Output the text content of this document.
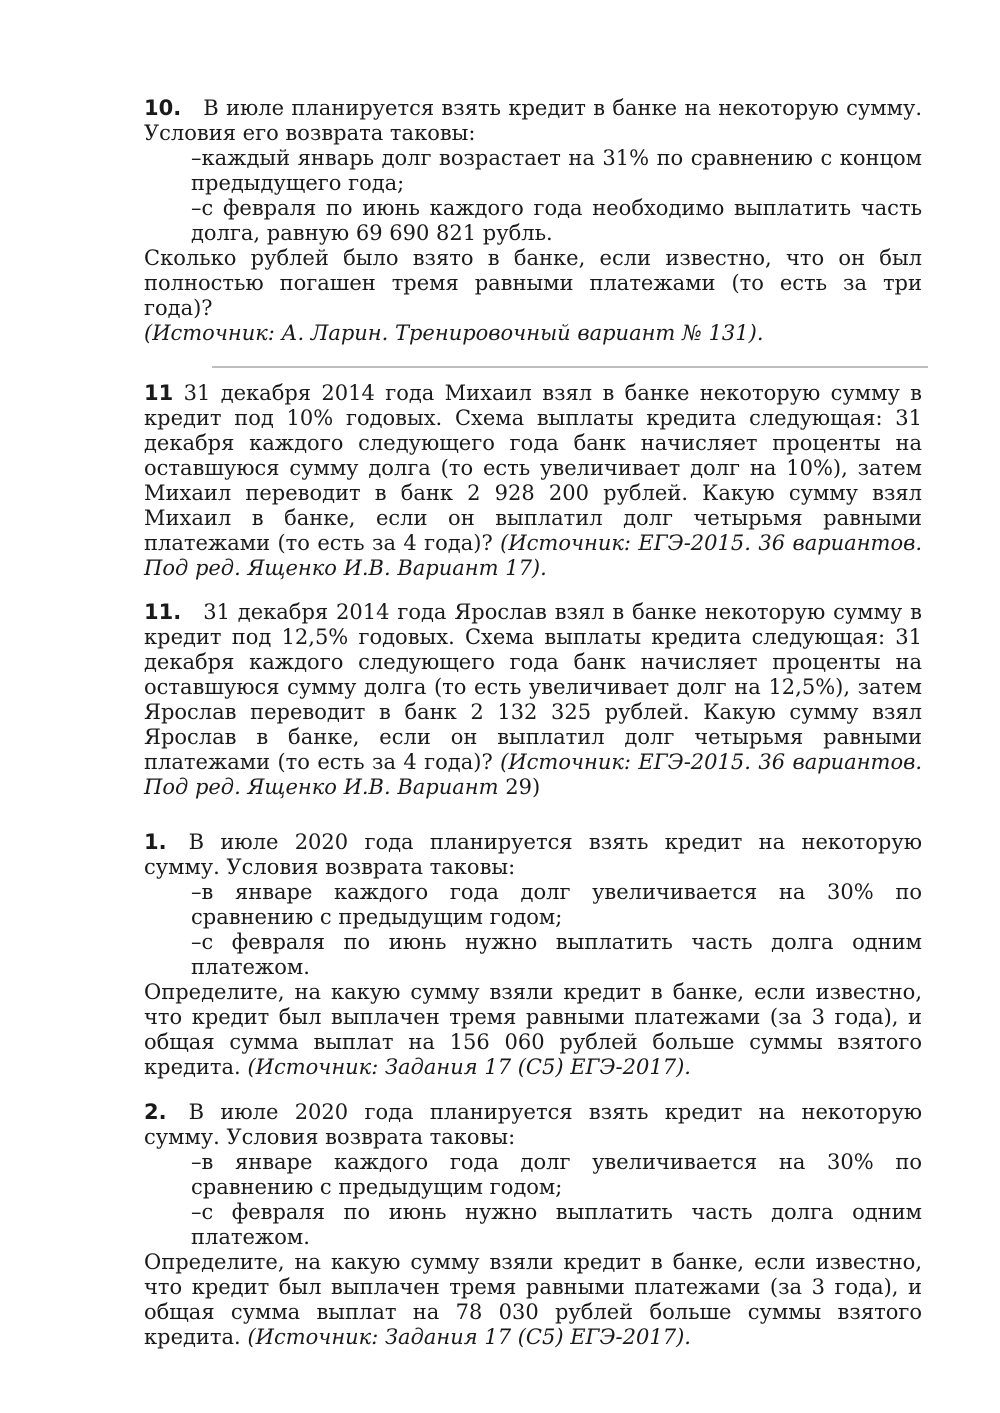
10. В июле планируется взять кредит в банке на некоторую сумму. Условия его возврата таковы:

–каждый январь долг возрастает на 31% по сравнению с концом предыдущего года;

–с февраля по июнь каждого года необходимо выплатить часть долга, равную 69 690 821 рубль.

Сколько рублей было взято в банке, если известно, что он был полностью погашен тремя равными платежами (то есть за три года)?

(Источник: А. Ларин. Тренировочный вариант № 131).

11 31 декабря 2014 года Михаил взял в банке некоторую сумму в кредит под 10% годовых. Схема выплаты кредита следующая: 31 декабря каждого следующего года банк начисляет проценты на оставшуюся сумму долга (то есть увеличивает долг на 10%), затем Михаил переводит в банк 2 928 200 рублей. Какую сумму взял Михаил в банке, если он выплатил долг четырьмя равными платежами (то есть за 4 года)? (Источник: ЕГЭ-2015. 36 вариантов. Под ред. Ященко И.В. Вариант 17).

11. 31 декабря 2014 года Ярослав взял в банке некоторую сумму в кредит под 12,5% годовых. Схема выплаты кредита следующая: 31 декабря каждого следующего года банк начисляет проценты на оставшуюся сумму долга (то есть увеличивает долг на 12,5%), затем Ярослав переводит в банк 2 132 325 рублей. Какую сумму взял Ярослав в банке, если он выплатил долг четырьмя равными платежами (то есть за 4 года)? (Источник: ЕГЭ-2015. 36 вариантов. Под ред. Ященко И.В. Вариант 29)

1. В июле 2020 года планируется взять кредит на некоторую сумму. Условия возврата таковы:

–в январе каждого года долг увеличивается на 30% по сравнению с предыдущим годом;

–с февраля по июнь нужно выплатить часть долга одним платежом.

Определите, на какую сумму взяли кредит в банке, если известно, что кредит был выплачен тремя равными платежами (за 3 года), и общая сумма выплат на 156 060 рублей больше суммы взятого кредита. (Источник: Задания 17 (С5) ЕГЭ-2017).

2. В июле 2020 года планируется взять кредит на некоторую сумму. Условия возврата таковы:

–в январе каждого года долг увеличивается на 30% по сравнению с предыдущим годом;

–с февраля по июнь нужно выплатить часть долга одним платежом.

Определите, на какую сумму взяли кредит в банке, если известно, что кредит был выплачен тремя равными платежами (за 3 года), и общая сумма выплат на 78 030 рублей больше суммы взятого кредита. (Источник: Задания 17 (С5) ЕГЭ-2017).
